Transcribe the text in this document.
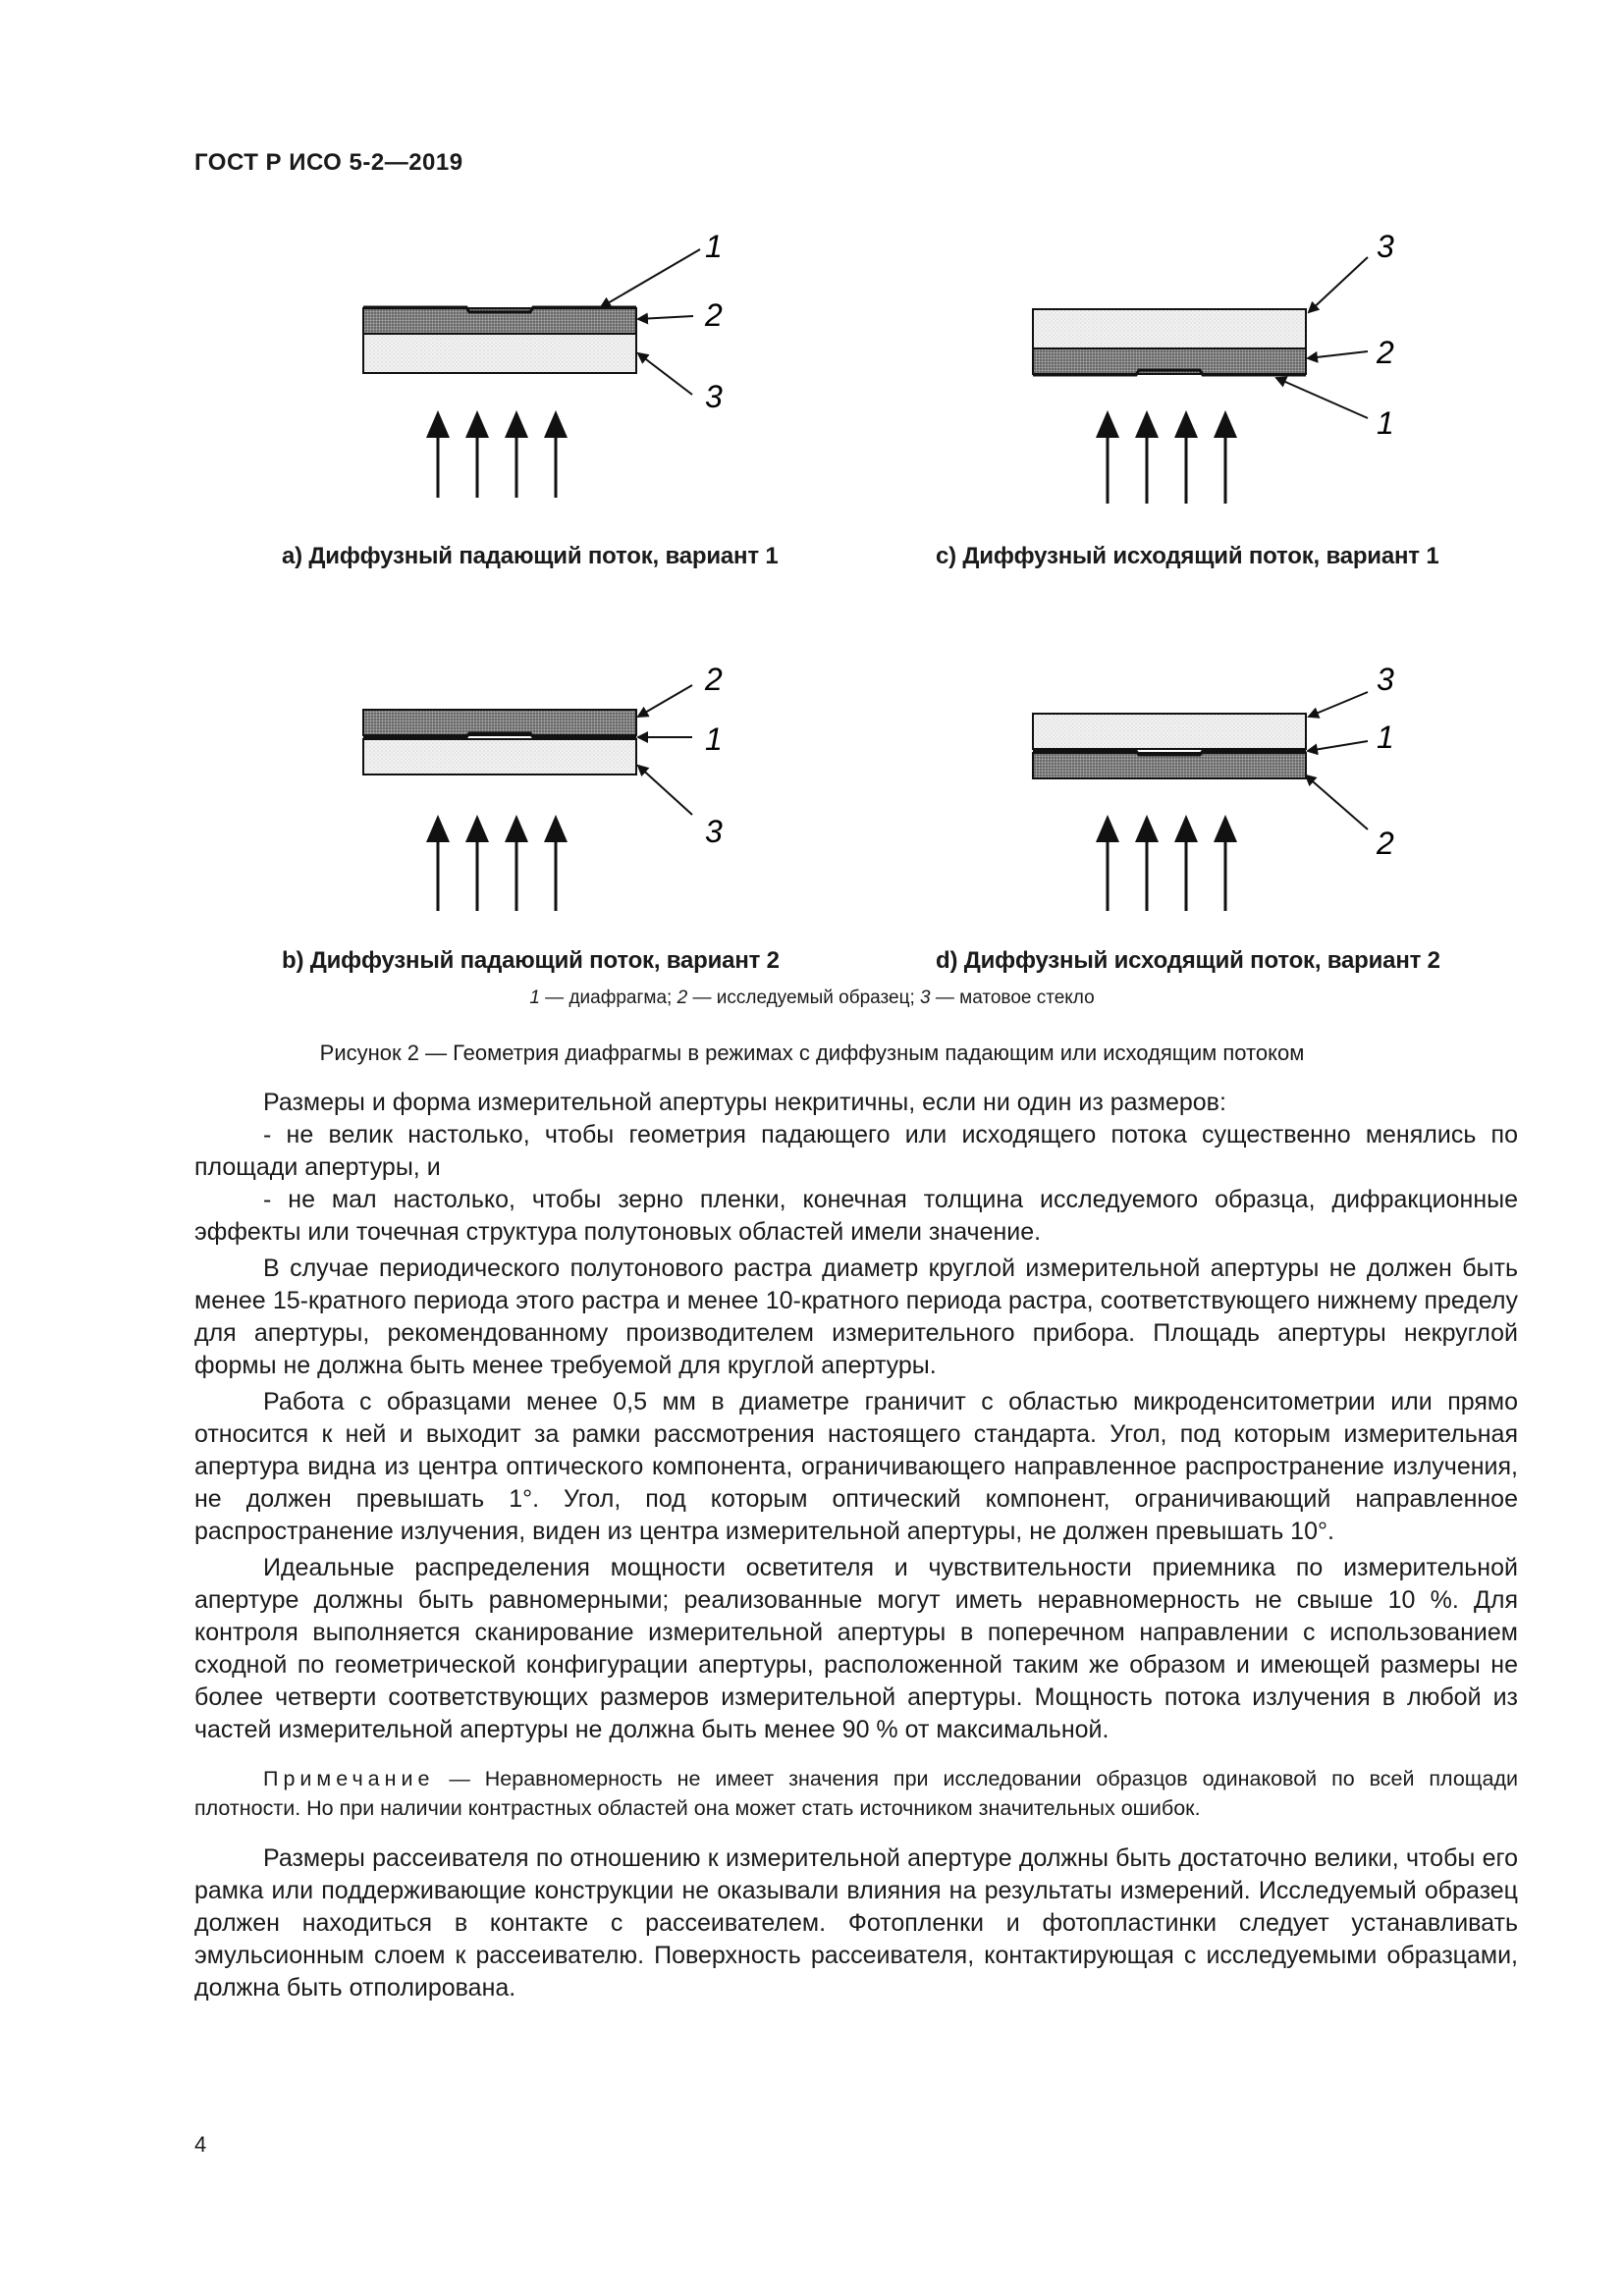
ГОСТ Р ИСО 5-2—2019
1
2
3
3
2
1
2
1
3
3
1
2
a) Диффузный падающий поток, вариант 1	c) Диффузный исходящий поток, вариант 1
b) Диффузный падающий поток, вариант 2	d) Диффузный исходящий поток, вариант 2
1 — диафрагма; 2 — исследуемый образец; 3 — матовое стекло
Рисунок 2 — Геометрия диафрагмы в режимах с диффузным падающим или исходящим потоком

Размеры и форма измерительной апертуры некритичны, если ни один из размеров:

- не велик настолько, чтобы геометрия падающего или исходящего потока существенно менялись по площади апертуры, и

- не мал настолько, чтобы зерно пленки, конечная толщина исследуемого образца, дифракционные эффекты или точечная структура полутоновых областей имели значение.

В случае периодического полутонового растра диаметр круглой измерительной апертуры не должен быть менее 15-кратного периода этого растра и менее 10-кратного периода растра, соответствующего нижнему пределу для апертуры, рекомендованному производителем измерительного прибора. Площадь апертуры некруглой формы не должна быть менее требуемой для круглой апертуры.

Работа с образцами менее 0,5 мм в диаметре граничит с областью микроденситометрии или прямо относится к ней и выходит за рамки рассмотрения настоящего стандарта. Угол, под которым измерительная апертура видна из центра оптического компонента, ограничивающего направленное распространение излучения, не должен превышать 1°. Угол, под которым оптический компонент, ограничивающий направленное распространение излучения, виден из центра измерительной апертуры, не должен превышать 10°.

Идеальные распределения мощности осветителя и чувствительности приемника по измерительной апертуре должны быть равномерными; реализованные могут иметь неравномерность не свыше 10 %. Для контроля выполняется сканирование измерительной апертуры в поперечном направлении с использованием сходной по геометрической конфигурации апертуры, расположенной таким же образом и имеющей размеры не более четверти соответствующих размеров измерительной апертуры. Мощность потока излучения в любой из частей измерительной апертуры не должна быть менее 90 % от максимальной.

Примечание — Неравномерность не имеет значения при исследовании образцов одинаковой по всей площади плотности. Но при наличии контрастных областей она может стать источником значительных ошибок.

Размеры рассеивателя по отношению к измерительной апертуре должны быть достаточно велики, чтобы его рамка или поддерживающие конструкции не оказывали влияния на результаты измерений. Исследуемый образец должен находиться в контакте с рассеивателем. Фотопленки и фотопластинки следует устанавливать эмульсионным слоем к рассеивателю. Поверхность рассеивателя, контактирующая с исследуемыми образцами, должна быть отполирована.

4
